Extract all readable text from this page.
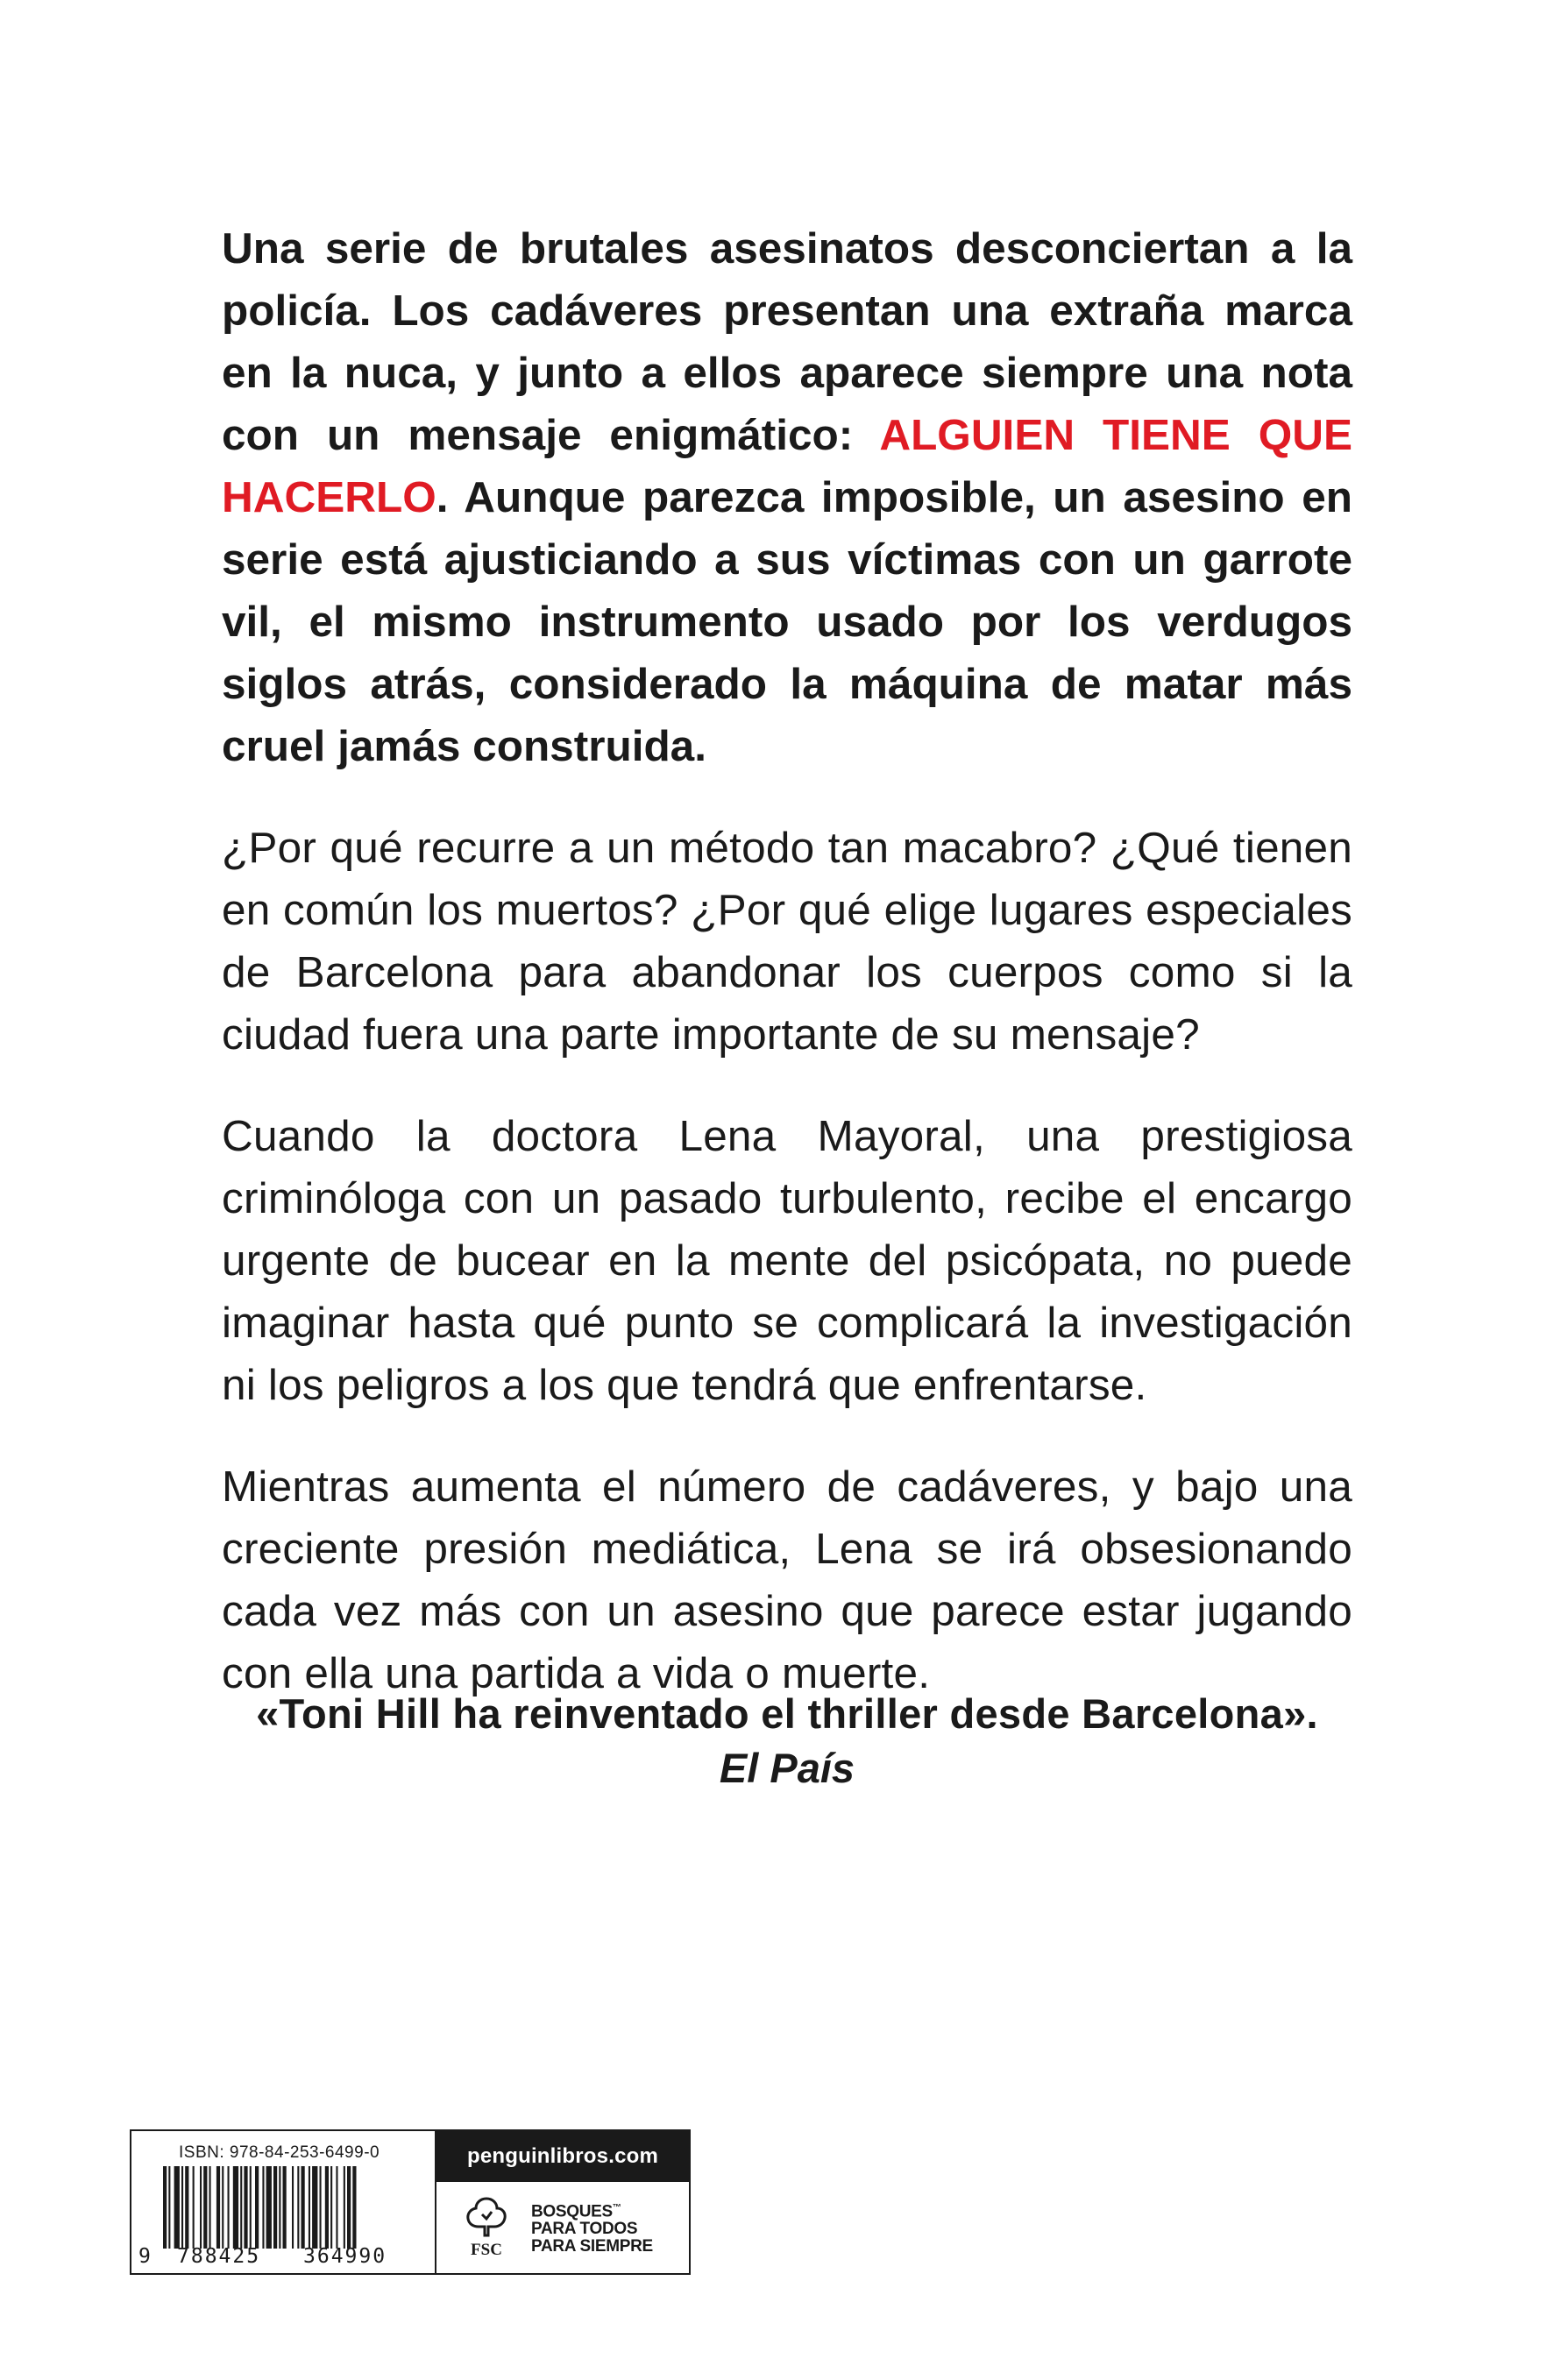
Una serie de brutales asesinatos desconciertan a la policía. Los cadáveres presentan una extraña marca en la nuca, y junto a ellos aparece siempre una nota con un mensaje enigmático: ALGUIEN TIENE QUE HACERLO. Aunque parezca imposible, un asesino en serie está ajusticiando a sus víctimas con un garrote vil, el mismo instrumento usado por los verdugos siglos atrás, considerado la máquina de matar más cruel jamás construida.

¿Por qué recurre a un método tan macabro? ¿Qué tienen en común los muertos? ¿Por qué elige lugares especiales de Barcelona para abandonar los cuerpos como si la ciudad fuera una parte importante de su mensaje?

Cuando la doctora Lena Mayoral, una prestigiosa criminóloga con un pasado turbulento, recibe el encargo urgente de bucear en la mente del psicópata, no puede imaginar hasta qué punto se complicará la investigación ni los peligros a los que tendrá que enfrentarse.

Mientras aumenta el número de cadáveres, y bajo una creciente presión mediática, Lena se irá obsesionando cada vez más con un asesino que parece estar jugando con ella una partida a vida o muerte.

«Toni Hill ha reinventado el thriller desde Barcelona».
El País
ISBN: 978-84-253-6499-0
9 788425 364990
penguinlibros.com
FSC
BOSQUES™
PARA TODOS
PARA SIEMPRE
